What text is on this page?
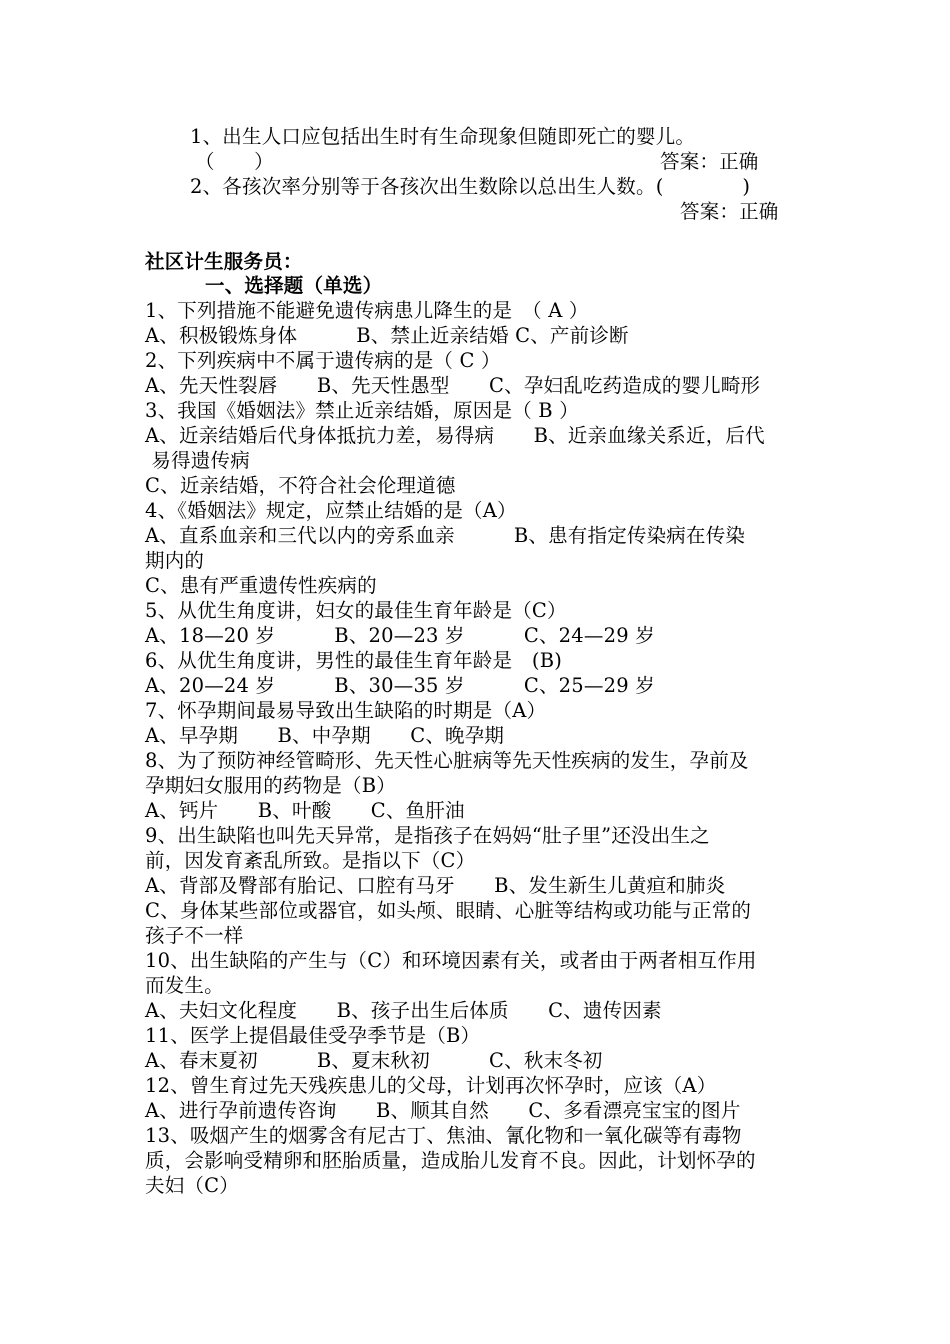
1、出生人口应包括出生时有生命现象但随即死亡的婴儿。
（　　）	答案：正确
2、各孩次率分别等于各孩次出生数除以总出生人数。(　　　　)
答案：正确
社区计生服务员：
一、选择题（单选）
1、下列措施不能避免遗传病患儿降生的是　（ A ）
A、积极锻炼身体　　　B、禁止近亲结婚 C、产前诊断
2、下列疾病中不属于遗传病的是（ C ）
A、先天性裂唇　　B、先天性愚型　　C、孕妇乱吃药造成的婴儿畸形
3、我国《婚姻法》禁止近亲结婚，原因是（ B ）
A、近亲结婚后代身体抵抗力差，易得病　　B、近亲血缘关系近，后代
易得遗传病
C、近亲结婚，不符合社会伦理道德
4、《婚姻法》规定，应禁止结婚的是（A）
A、直系血亲和三代以内的旁系血亲　　　B、患有指定传染病在传染
期内的
C、患有严重遗传性疾病的
5、从优生角度讲，妇女的最佳生育年龄是（C）
A、18—20 岁　　　B、20—23 岁　　　C、24—29 岁
6、从优生角度讲，男性的最佳生育年龄是　(B)
A、20—24 岁　　　B、30—35 岁　　　C、25—29 岁
7、怀孕期间最易导致出生缺陷的时期是（A）
A、早孕期　　B、中孕期　　C、晚孕期
8、为了预防神经管畸形、先天性心脏病等先天性疾病的发生，孕前及
孕期妇女服用的药物是（B）
A、钙片　　B、叶酸　　C、鱼肝油
9、出生缺陷也叫先天异常，是指孩子在妈妈“肚子里”还没出生之
前，因发育紊乱所致。是指以下（C）
A、背部及臀部有胎记、口腔有马牙　　B、发生新生儿黄疸和肺炎
C、身体某些部位或器官，如头颅、眼睛、心脏等结构或功能与正常的
孩子不一样
10、出生缺陷的产生与（C）和环境因素有关，或者由于两者相互作用
而发生。
A、夫妇文化程度　　B、孩子出生后体质　　C、遗传因素
11、医学上提倡最佳受孕季节是（B）
A、春末夏初　　　B、夏末秋初　　　C、秋末冬初
12、曾生育过先天残疾患儿的父母，计划再次怀孕时，应该（A）
A、进行孕前遗传咨询　　B、顺其自然　　C、多看漂亮宝宝的图片
13、吸烟产生的烟雾含有尼古丁、焦油、氰化物和一氧化碳等有毒物
质，会影响受精卵和胚胎质量，造成胎儿发育不良。因此，计划怀孕的
夫妇（C）
